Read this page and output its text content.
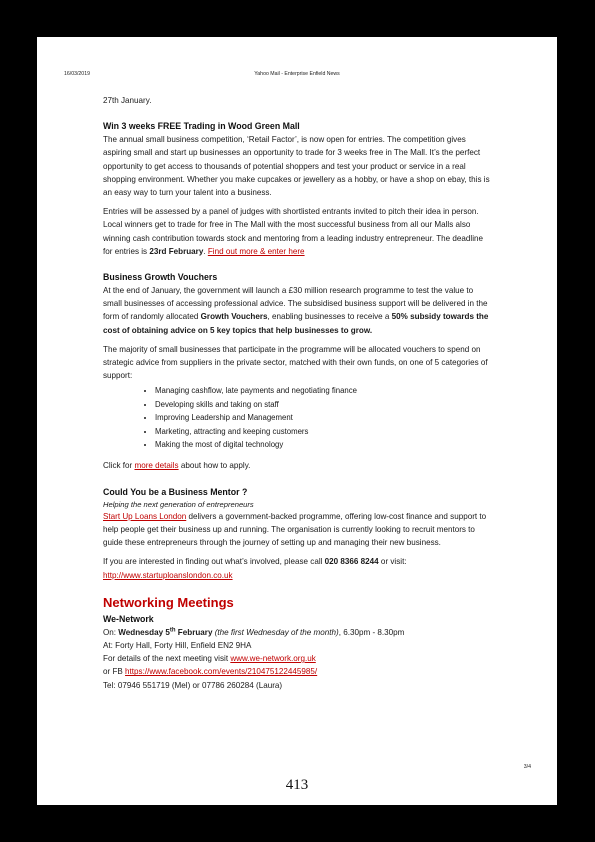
16/03/2019	Yahoo Mail - Enterprise Enfield News

27th January.

Win 3 weeks FREE Trading in Wood Green Mall

The annual small business competition, ‘Retail Factor’, is now open for entries. The competition gives aspiring small and start up businesses an opportunity to trade for 3 weeks free in The Mall. It’s the perfect opportunity to get access to thousands of potential shoppers and test your product or service in a real shopping environment. Whether you make cupcakes or jewellery as a hobby, or have a shop on ebay, this is an easy way to turn your talent into a business.

Entries will be assessed by a panel of judges with shortlisted entrants invited to pitch their idea in person. Local winners get to trade for free in The Mall with the most successful business from all our Malls also winning cash contribution towards stock and mentoring from a leading industry entrepreneur. The deadline for entries is 23rd February. Find out more & enter here

Business Growth Vouchers

At the end of January, the government will launch a £30 million research programme to test the value to small businesses of accessing professional advice. The subsidised business support will be delivered in the form of randomly allocated Growth Vouchers, enabling businesses to receive a 50% subsidy towards the cost of obtaining advice on 5 key topics that help businesses to grow.

The majority of small businesses that participate in the programme will be allocated vouchers to spend on strategic advice from suppliers in the private sector, matched with their own funds, on one of 5 categories of support:

• Managing cashflow, late payments and negotiating finance
• Developing skills and taking on staff
• Improving Leadership and Management
• Marketing, attracting and keeping customers
• Making the most of digital technology

Click for more details about how to apply.

Could You be a Business Mentor ?

Helping the next generation of entrepreneurs

Start Up Loans London delivers a government-backed programme, offering low-cost finance and support to help people get their business up and running. The organisation is currently looking to recruit mentors to guide these entrepreneurs through the journey of setting up and managing their new business.

If you are interested in finding out what’s involved, please call 020 8366 8244 or visit:

http://www.startuploanslondon.co.uk

Networking Meetings
We-Network

On: Wednesday 5th February (the first Wednesday of the month), 6.30pm - 8.30pm

At: Forty Hall, Forty Hill, Enfield EN2 9HA

For details of the next meeting visit www.we-network.org.uk

or FB https://www.facebook.com/events/210475122445985/

Tel: 07946 551719 (Mel) or 07786 260284 (Laura)

3/4
413
